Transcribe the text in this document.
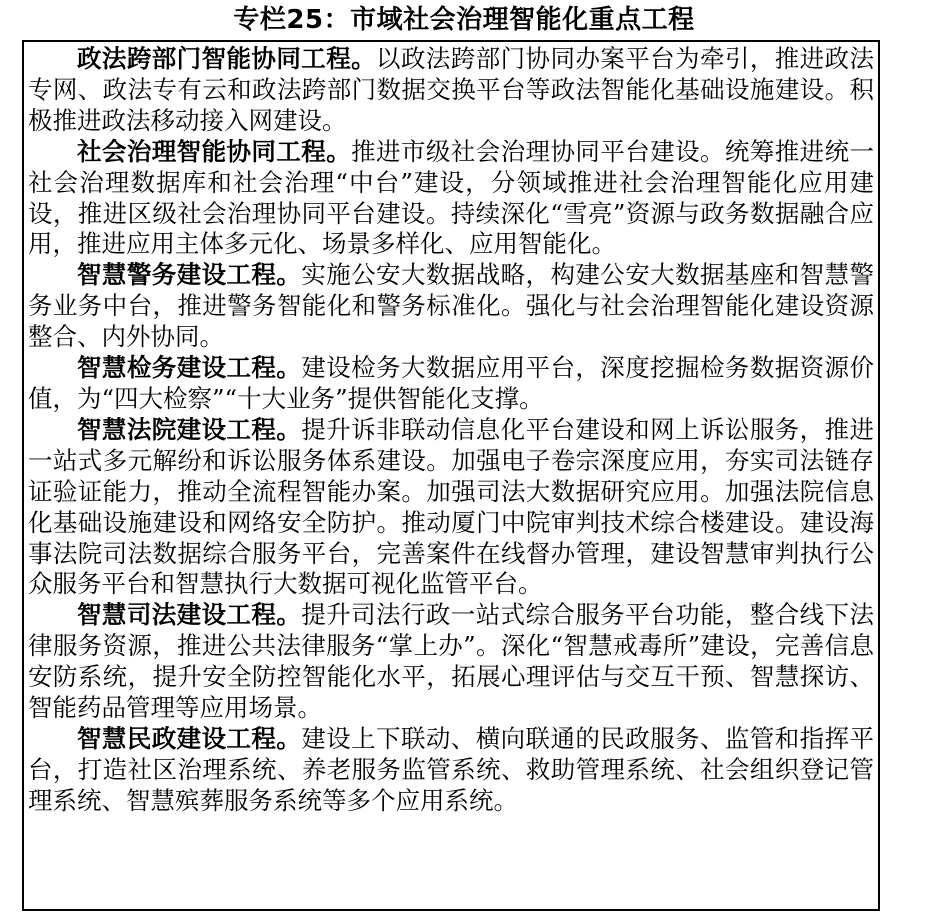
专栏25：市域社会治理智能化重点工程

政法跨部门智能协同工程。以政法跨部门协同办案平台为牵引，推进政法专网、政法专有云和政法跨部门数据交换平台等政法智能化基础设施建设。积极推进政法移动接入网建设。

社会治理智能协同工程。推进市级社会治理协同平台建设。统筹推进统一社会治理数据库和社会治理“中台”建设，分领域推进社会治理智能化应用建设，推进区级社会治理协同平台建设。持续深化“雪亮”资源与政务数据融合应用，推进应用主体多元化、场景多样化、应用智能化。

智慧警务建设工程。实施公安大数据战略，构建公安大数据基座和智慧警务业务中台，推进警务智能化和警务标准化。强化与社会治理智能化建设资源整合、内外协同。

智慧检务建设工程。建设检务大数据应用平台，深度挖掘检务数据资源价值，为“四大检察”“十大业务”提供智能化支撑。

智慧法院建设工程。提升诉非联动信息化平台建设和网上诉讼服务，推进一站式多元解纷和诉讼服务体系建设。加强电子卷宗深度应用，夯实司法链存证验证能力，推动全流程智能办案。加强司法大数据研究应用。加强法院信息化基础设施建设和网络安全防护。推动厦门中院审判技术综合楼建设。建设海事法院司法数据综合服务平台，完善案件在线督办管理，建设智慧审判执行公众服务平台和智慧执行大数据可视化监管平台。

智慧司法建设工程。提升司法行政一站式综合服务平台功能，整合线下法律服务资源，推进公共法律服务“掌上办”。深化“智慧戒毒所”建设，完善信息安防系统，提升安全防控智能化水平，拓展心理评估与交互干预、智慧探访、智能药品管理等应用场景。

智慧民政建设工程。建设上下联动、横向联通的民政服务、监管和指挥平台，打造社区治理系统、养老服务监管系统、救助管理系统、社会组织登记管理系统、智慧殡葬服务系统等多个应用系统。
